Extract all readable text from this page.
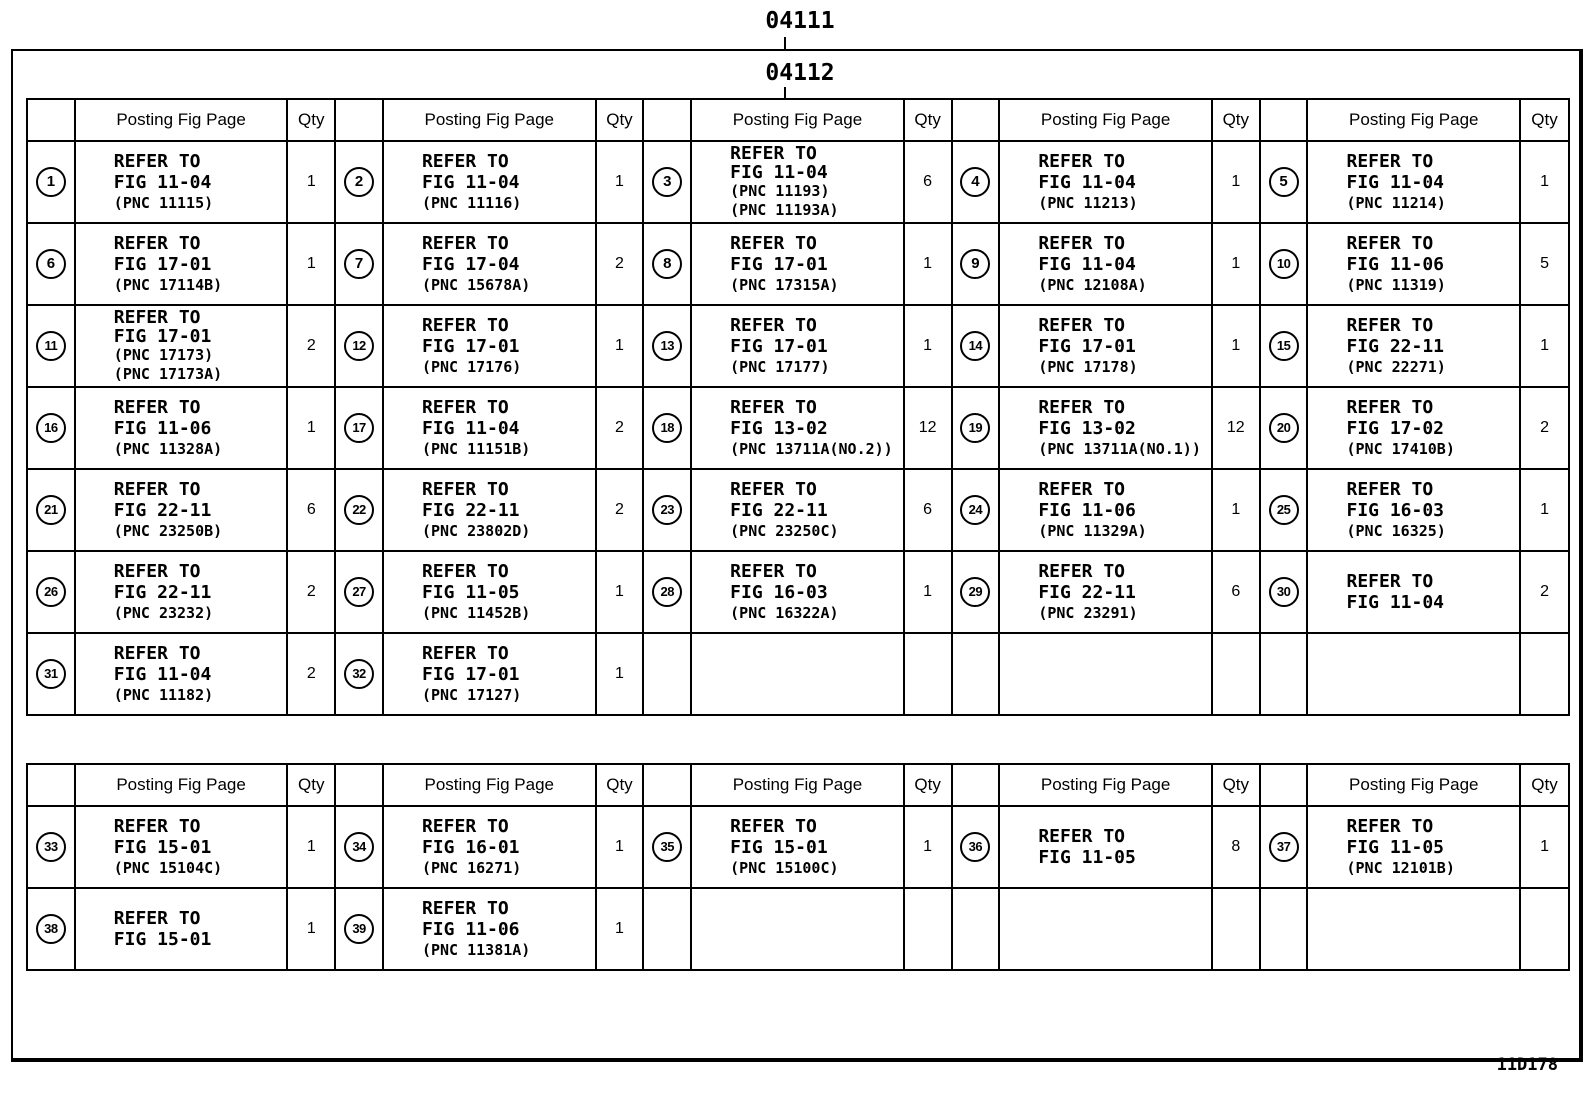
04111
04112
	Posting Fig Page	Qty		Posting Fig Page	Qty		Posting Fig Page	Qty		Posting Fig Page	Qty		Posting Fig Page	Qty
1	REFER TO
FIG 11-04
(PNC 11115)	1	2	REFER TO
FIG 11-04
(PNC 11116)	1	3	REFER TO
FIG 11-04
(PNC 11193)
(PNC 11193A)	6	4	REFER TO
FIG 11-04
(PNC 11213)	1	5	REFER TO
FIG 11-04
(PNC 11214)	1
6	REFER TO
FIG 17-01
(PNC 17114B)	1	7	REFER TO
FIG 17-04
(PNC 15678A)	2	8	REFER TO
FIG 17-01
(PNC 17315A)	1	9	REFER TO
FIG 11-04
(PNC 12108A)	1	10	REFER TO
FIG 11-06
(PNC 11319)	5
11	REFER TO
FIG 17-01
(PNC 17173)
(PNC 17173A)	2	12	REFER TO
FIG 17-01
(PNC 17176)	1	13	REFER TO
FIG 17-01
(PNC 17177)	1	14	REFER TO
FIG 17-01
(PNC 17178)	1	15	REFER TO
FIG 22-11
(PNC 22271)	1
16	REFER TO
FIG 11-06
(PNC 11328A)	1	17	REFER TO
FIG 11-04
(PNC 11151B)	2	18	REFER TO
FIG 13-02
(PNC 13711A(NO.2))	12	19	REFER TO
FIG 13-02
(PNC 13711A(NO.1))	12	20	REFER TO
FIG 17-02
(PNC 17410B)	2
21	REFER TO
FIG 22-11
(PNC 23250B)	6	22	REFER TO
FIG 22-11
(PNC 23802D)	2	23	REFER TO
FIG 22-11
(PNC 23250C)	6	24	REFER TO
FIG 11-06
(PNC 11329A)	1	25	REFER TO
FIG 16-03
(PNC 16325)	1
26	REFER TO
FIG 22-11
(PNC 23232)	2	27	REFER TO
FIG 11-05
(PNC 11452B)	1	28	REFER TO
FIG 16-03
(PNC 16322A)	1	29	REFER TO
FIG 22-11
(PNC 23291)	6	30	REFER TO
FIG 11-04	2
31	REFER TO
FIG 11-04
(PNC 11182)	2	32	REFER TO
FIG 17-01
(PNC 17127)	1									
	Posting Fig Page	Qty		Posting Fig Page	Qty		Posting Fig Page	Qty		Posting Fig Page	Qty		Posting Fig Page	Qty
33	REFER TO
FIG 15-01
(PNC 15104C)	1	34	REFER TO
FIG 16-01
(PNC 16271)	1	35	REFER TO
FIG 15-01
(PNC 15100C)	1	36	REFER TO
FIG 11-05	8	37	REFER TO
FIG 11-05
(PNC 12101B)	1
38	REFER TO
FIG 15-01	1	39	REFER TO
FIG 11-06
(PNC 11381A)	1									
11D178
